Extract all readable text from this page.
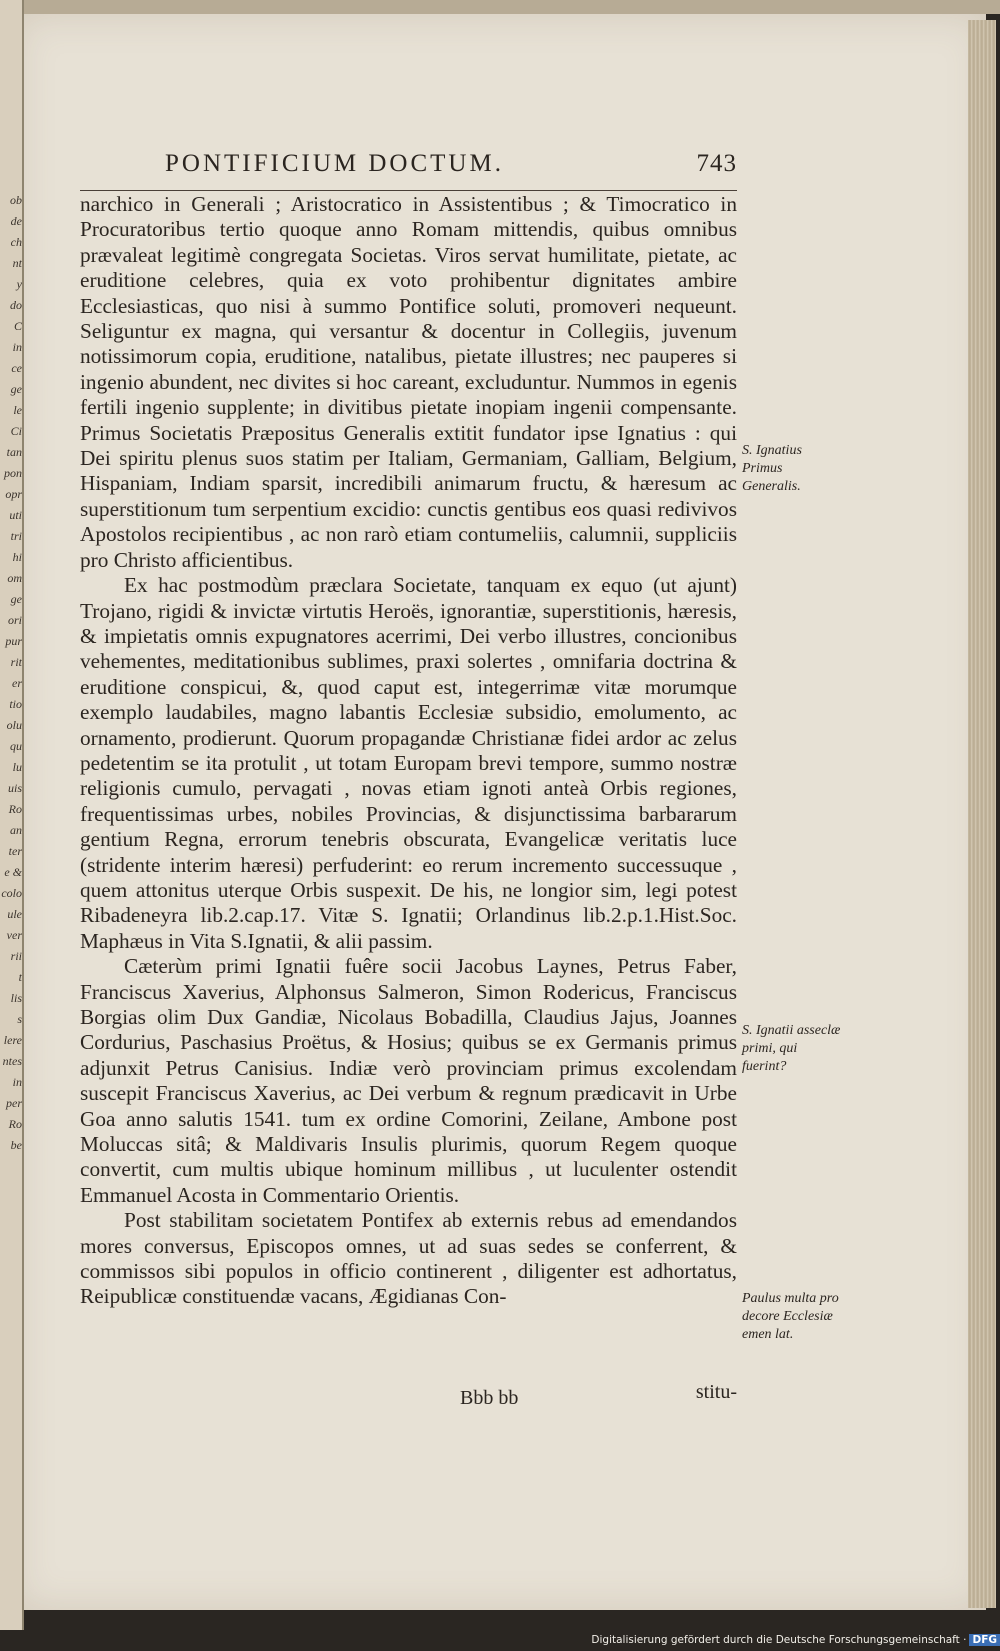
ob
de
ch
nt
y
do
C
in
ce
ge
le
Ci
tan
pon
opr
uti
tri
hi
om
ge
ori
pur
rit
er
tio
olu
qu
lu
uis
Ro
an
ter
e &
colo
ule
ver
rii
t
lis
s
lere
ntes
in
per
Ro
be
PONTIFICIUM DOCTUM.	743

narchico in Generali ; Aristocratico in Assistentibus ; & Timocratico in Procuratoribus tertio quoque anno Romam mittendis, quibus omnibus prævaleat legitimè congregata Societas. Viros servat humilitate, pietate, ac eruditione celebres, quia ex voto prohibentur dignitates ambire Ecclesiasticas, quo nisi à summo Pontifice soluti, promoveri nequeunt. Seliguntur ex magna, qui versantur & docentur in Collegiis, juvenum notissimorum copia, eruditione, natalibus, pietate illustres; nec pauperes si ingenio abundent, nec divites si hoc careant, excluduntur. Nummos in egenis fertili ingenio supplente; in divitibus pietate inopiam ingenii compensante. Primus Societatis Præpositus Generalis extitit fundator ipse Ignatius : qui Dei spiritu plenus suos statim per Italiam, Germaniam, Galliam, Belgium, Hispaniam, Indiam sparsit, incredibili animarum fructu, & hæresum ac superstitionum tum serpentium excidio: cunctis gentibus eos quasi redivivos Apostolos recipientibus , ac non rarò etiam contumeliis, calumnii, suppliciis pro Christo afficientibus.

Ex hac postmodùm præclara Societate, tanquam ex equo (ut ajunt) Trojano, rigidi & invictæ virtutis Heroës, ignorantiæ, superstitionis, hæresis, & impietatis omnis expugnatores acerrimi, Dei verbo illustres, concionibus vehementes, meditationibus sublimes, praxi solertes , omnifaria doctrina & eruditione conspicui, &, quod caput est, integerrimæ vitæ morumque exemplo laudabiles, magno labantis Ecclesiæ subsidio, emolumento, ac ornamento, prodierunt. Quorum propagandæ Christianæ fidei ardor ac zelus pedetentim se ita protulit , ut totam Europam brevi tempore, summo nostræ religionis cumulo, pervagati , novas etiam ignoti anteà Orbis regiones, frequentissimas urbes, nobiles Provincias, & disjunctissima barbararum gentium Regna, errorum tenebris obscurata, Evangelicæ veritatis luce (stridente interim hæresi) perfuderint: eo rerum incremento successuque , quem attonitus uterque Orbis suspexit. De his, ne longior sim, legi potest Ribadeneyra lib.2.cap.17. Vitæ S. Ignatii; Orlandinus lib.2.p.1.Hist.Soc. Maphæus in Vita S.Ignatii, & alii passim.

Cæterùm primi Ignatii fuêre socii Jacobus Laynes, Petrus Faber, Franciscus Xaverius, Alphonsus Salmeron, Simon Rodericus, Franciscus Borgias olim Dux Gandiæ, Nicolaus Bobadilla, Claudius Jajus, Joannes Cordurius, Paschasius Proëtus, & Hosius; quibus se ex Germanis primus adjunxit Petrus Canisius. Indiæ verò provinciam primus excolendam suscepit Franciscus Xaverius, ac Dei verbum & regnum prædicavit in Urbe Goa anno salutis 1541. tum ex ordine Comorini, Zeilane, Ambone post Moluccas sitâ; & Maldivaris Insulis plurimis, quorum Regem quoque convertit, cum multis ubique hominum millibus , ut luculenter ostendit Emmanuel Acosta in Commentario Orientis.

Post stabilitam societatem Pontifex ab externis rebus ad emendandos mores conversus, Episcopos omnes, ut ad suas sedes se conferrent, & commissos sibi populos in officio continerent , diligenter est adhortatus, Reipublicæ constituendæ vacans, Ægidianas Con-

Bbb bb	stitu-
S. Ignatius Primus Generalis.
S. Ignatii asseclæ primi, qui fuerint?
Paulus multa pro decore Ecclesiæ emen lat.
Digitalisierung gefördert durch die Deutsche Forschungsgemeinschaft · DFG
